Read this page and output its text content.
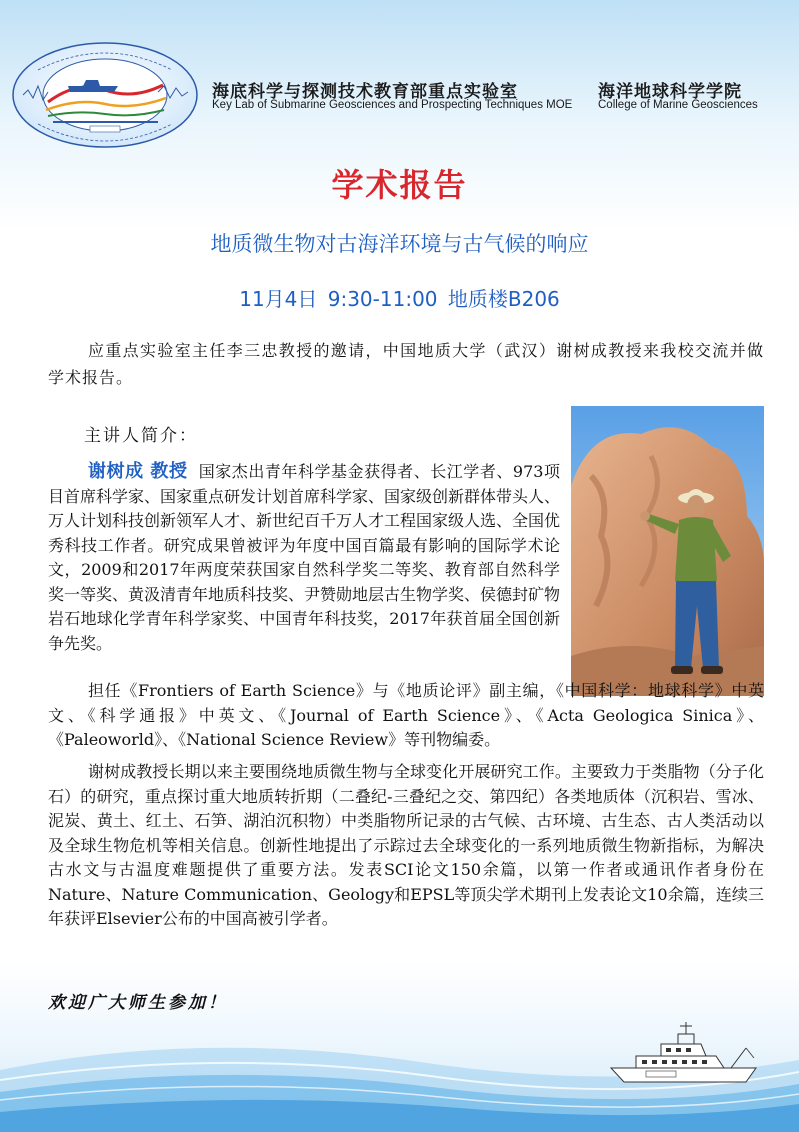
海底科学与探测技术教育部重点实验室	海洋地球科学学院
Key Lab of Submarine Geosciences and Prospecting Techniques MOE College of Marine Geosciences
学术报告
地质微生物对古海洋环境与古气候的响应
11月4日 9:30-11:00 地质楼B206

应重点实验室主任李三忠教授的邀请，中国地质大学（武汉）谢树成教授来我校交流并做学术报告。

主讲人简介：

谢树成 教授 国家杰出青年科学基金获得者、长江学者、973项目首席科学家、国家重点研发计划首席科学家、国家级创新群体带头人、万人计划科技创新领军人才、新世纪百千万人才工程国家级人选、全国优秀科技工作者。研究成果曾被评为年度中国百篇最有影响的国际学术论文，2009和2017年两度荣获国家自然科学奖二等奖、教育部自然科学奖一等奖、黄汲清青年地质科技奖、尹赞勋地层古生物学奖、侯德封矿物岩石地球化学青年科学家奖、中国青年科技奖，2017年获首届全国创新争先奖。

担任《Frontiers of Earth Science》与《地质论评》副主编，《中国科学：地球科学》中英文、《科学通报》中英文、《Journal of Earth Science》、《Acta Geologica Sinica》、《Paleoworld》、《National Science Review》等刊物编委。

谢树成教授长期以来主要围绕地质微生物与全球变化开展研究工作。主要致力于类脂物（分子化石）的研究，重点探讨重大地质转折期（二叠纪-三叠纪之交、第四纪）各类地质体（沉积岩、雪冰、泥炭、黄土、红土、石笋、湖泊沉积物）中类脂物所记录的古气候、古环境、古生态、古人类活动以及全球生物危机等相关信息。创新性地提出了示踪过去全球变化的一系列地质微生物新指标，为解决古水文与古温度难题提供了重要方法。发表SCI论文150余篇，以第一作者或通讯作者身份在Nature、Nature Communication、Geology和EPSL等顶尖学术期刊上发表论文10余篇，连续三年获评Elsevier公布的中国高被引学者。

欢迎广大师生参加！
